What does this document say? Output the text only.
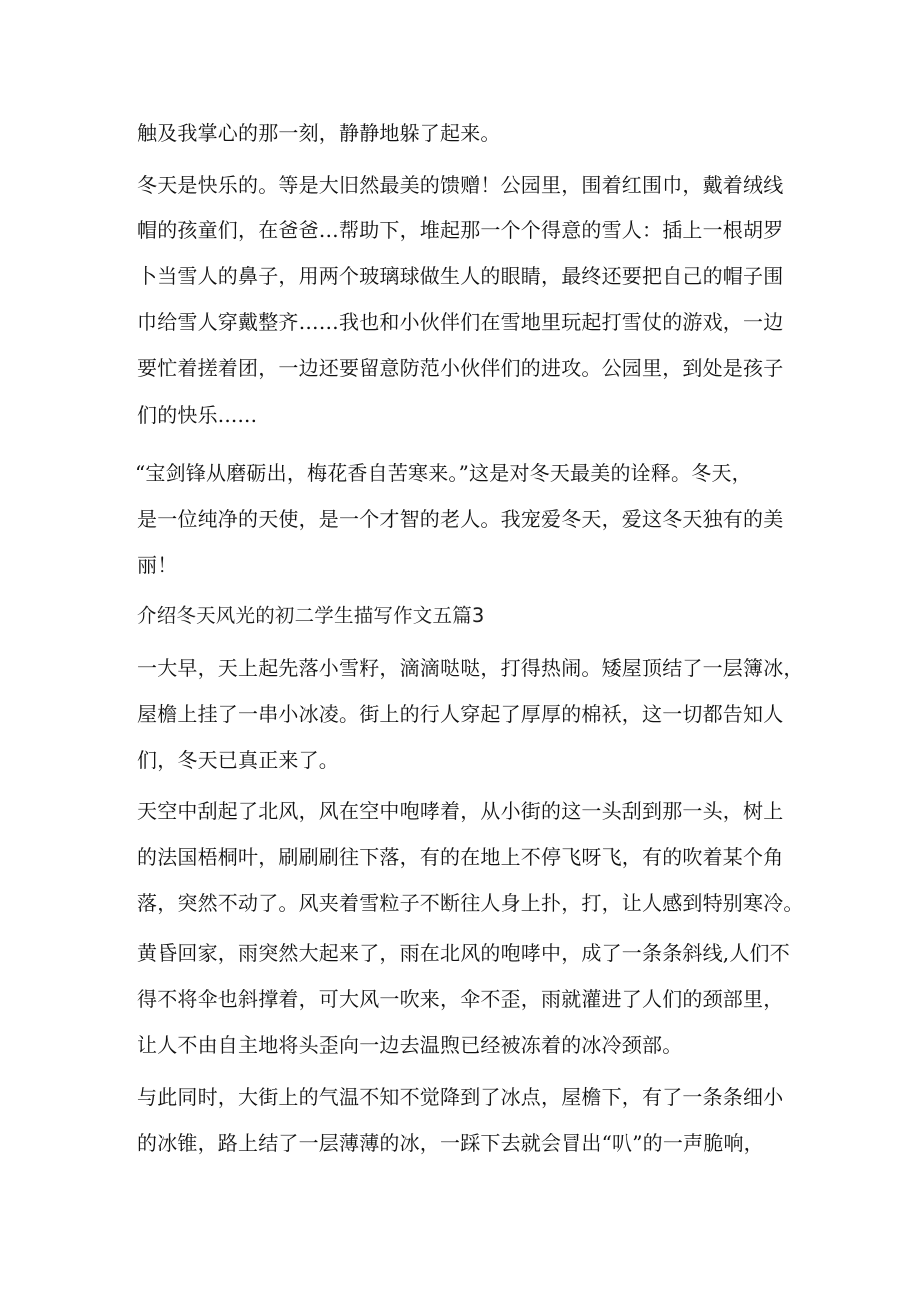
触及我掌心的那一刻，静静地躲了起来。

冬天是快乐的。等是大旧然最美的馈赠！公园里，围着红围巾，戴着绒线

帽的孩童们，在爸爸…帮助下，堆起那一个个得意的雪人：插上一根胡罗

卜当雪人的鼻子，用两个玻璃球做生人的眼睛，最终还要把自己的帽子围

巾给雪人穿戴整齐……我也和小伙伴们在雪地里玩起打雪仗的游戏，一边

要忙着搓着团，一边还要留意防范小伙伴们的进攻。公园里，到处是孩子

们的快乐......

“宝剑锋从磨砺出，梅花香自苦寒来。”这是对冬天最美的诠释。冬天，

是一位纯净的天使，是一个才智的老人。我宠爱冬天，爱这冬天独有的美

丽！

介绍冬天风光的初二学生描写作文五篇3

一大早，天上起先落小雪籽，滴滴哒哒，打得热闹。矮屋顶结了一层簿冰，

屋檐上挂了一串小冰凌。街上的行人穿起了厚厚的棉袄，这一切都告知人

们，冬天已真正来了。

天空中刮起了北风，风在空中咆哮着，从小街的这一头刮到那一头，树上

的法国梧桐叶，刷刷刷往下落，有的在地上不停飞呀飞，有的吹着某个角

落，突然不动了。风夹着雪粒子不断往人身上扑，打，让人感到特别寒冷。

黄昏回家，雨突然大起来了，雨在北风的咆哮中，成了一条条斜线,人们不

得不将伞也斜撑着，可大风一吹来，伞不歪，雨就灌进了人们的颈部里，

让人不由自主地将头歪向一边去温煦已经被冻着的冰冷颈部。

与此同时，大街上的气温不知不觉降到了冰点，屋檐下，有了一条条细小

的冰锥，路上结了一层薄薄的冰，一踩下去就会冒出“叭”的一声脆响，
